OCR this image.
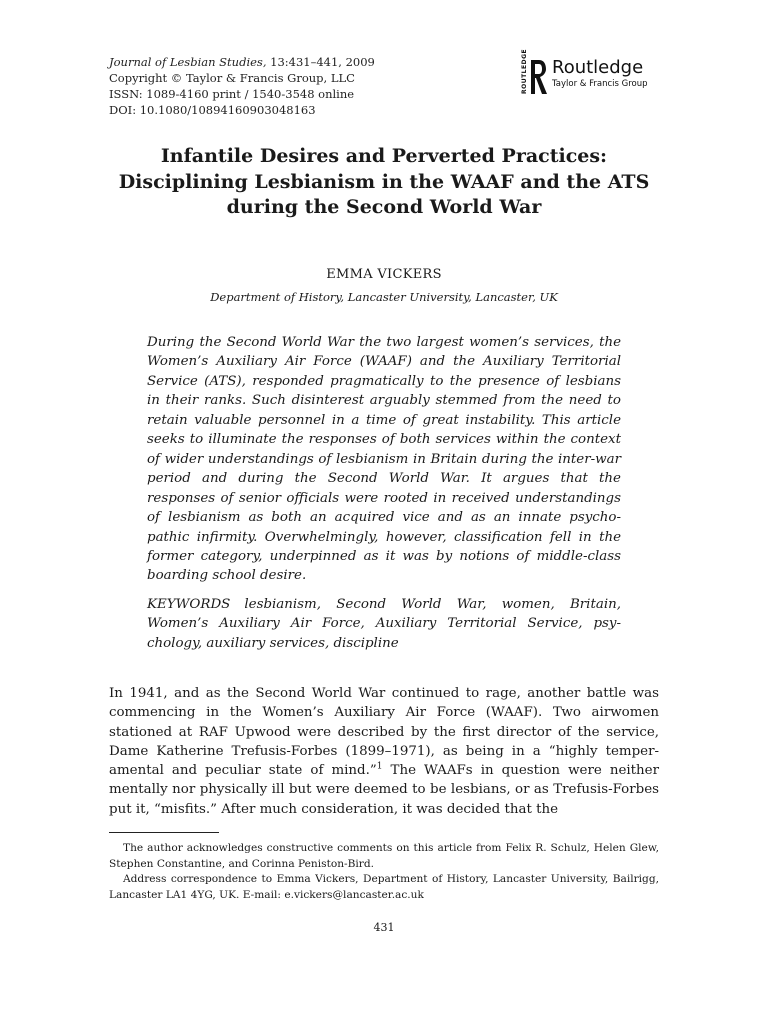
Journal of Lesbian Studies, 13:431–441, 2009
Copyright © Taylor & Francis Group, LLC
ISSN: 1089-4160 print / 1540-3548 online
DOI: 10.1080/10894160903048163
ROUTLEDGE Routledge
Taylor & Francis Group
Infantile Desires and Perverted Practices: Disciplining Lesbianism in the WAAF and the ATS during the Second World War
EMMA VICKERS
Department of History, Lancaster University, Lancaster, UK

During the Second World War the two largest women’s services, the Women’s Auxiliary Air Force (WAAF) and the Auxiliary Territorial Service (ATS), responded pragmatically to the presence of lesbians in their ranks. Such disinterest arguably stemmed from the need to retain valuable personnel in a time of great instability. This article seeks to illuminate the responses of both services within the context of wider understandings of lesbianism in Britain during the inter-war period and during the Second World War. It argues that the responses of senior officials were rooted in received understandings of lesbianism as both an acquired vice and as an innate psycho-pathic infirmity. Overwhelmingly, however, classification fell in the former category, underpinned as it was by notions of middle-class boarding school desire.

KEYWORDS lesbianism, Second World War, women, Britain, Women’s Auxiliary Air Force, Auxiliary Territorial Service, psy-chology, auxiliary services, discipline

In 1941, and as the Second World War continued to rage, another battle was commencing in the Women’s Auxiliary Air Force (WAAF). Two airwomen stationed at RAF Upwood were described by the first director of the service, Dame Katherine Trefusis-Forbes (1899–1971), as being in a “highly temper-amental and peculiar state of mind.”$^1$ The WAAFs in question were neither mentally nor physically ill but were deemed to be lesbians, or as Trefusis-Forbes put it, “misfits.” After much consideration, it was decided that the

The author acknowledges constructive comments on this article from Felix R. Schulz, Helen Glew, Stephen Constantine, and Corinna Peniston-Bird.

Address correspondence to Emma Vickers, Department of History, Lancaster University, Bailrigg, Lancaster LA1 4YG, UK. E-mail: e.vickers@lancaster.ac.uk

431
